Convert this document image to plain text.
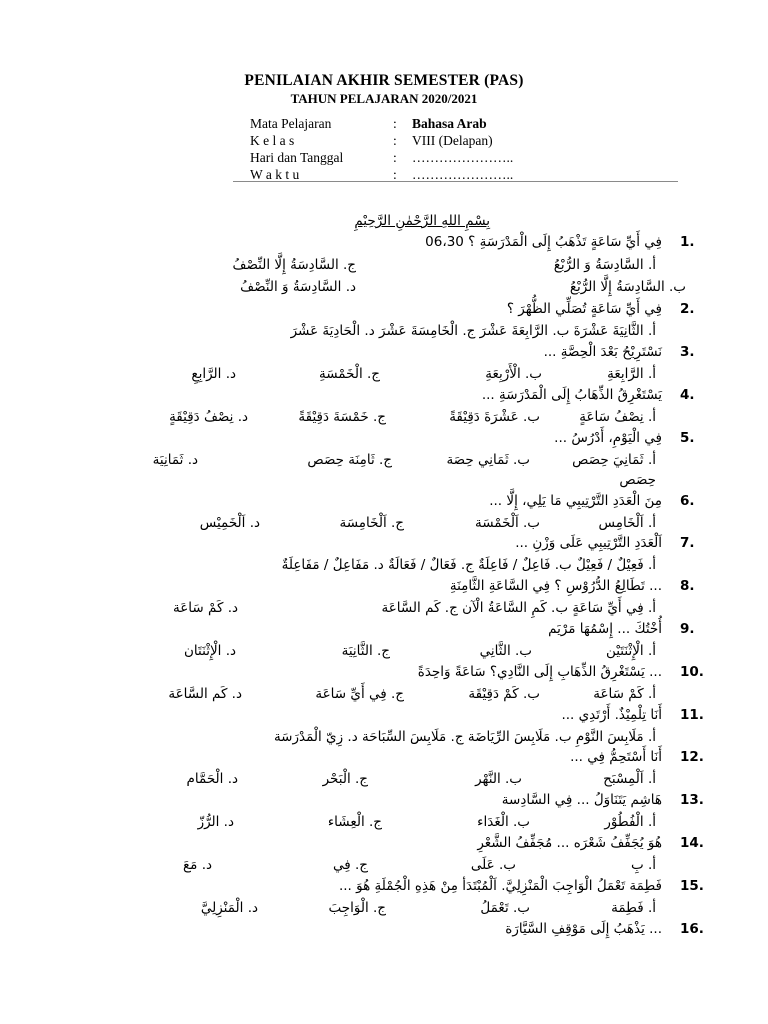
PENILAIAN AKHIR SEMESTER (PAS)
TAHUN PELAJARAN 2020/2021
Mata Pelajaran	: Bahasa Arab
K e l a s	: VIII (Delapan)
Hari dan Tanggal	: …………………..
W a k t u	: …………………..
بِسْمِ اللهِ الرَّحْمٰنِ الرَّحِيْمِ
1.
فِي أَيِّ سَاعَةٍ تَذْهَبُ إِلَى الْمَدْرَسَةِ ؟ 06،30
أ. السَّادِسَةُ وَ الرُّبْعُ
ج. السَّادِسَةُ إِلَّا النِّصْفُ
ب. السَّادِسَةُ إِلَّا الرُّبْعُ
د. السَّادِسَةُ وَ النِّصْفُ
2.
فِي أَيِّ سَاعَةٍ تُصَلِّي الظُّهْرَ ؟
أ. الثَّانِيَةَ عَشْرَةَ ب. الرَّابِعَةَ عَشْرَ ج. الْخَامِسَةَ عَشْرَ د. الْحَادِيَةَ عَشْرَ
3.
نَسْتَرِيْحُ بَعْدَ الْحِصَّةِ ...
أ. الرَّابِعَةِ
ب. الْأَرْبِعَةِ
ج. الْخَمْسَةِ
د. الرَّابِعِ
4.
يَسْتَغْرِقُ الذِّهَابُ إِلَى الْمَدْرَسَةِ ...
أ. نِصْفُ سَاعَةٍ
ب. عَشْرَةَ دَقِيْقَةً
ج. خَمْسَةَ دَقِيْقَةً
د. نِصْفُ دَقِيْقَةٍ
5.
فِي الْيَوْمِ، أَدْرُسُ ...
أ. ثَمَانِيَ حِصَص
ب. ثَمَانِي حِصَة
ج. ثَامِنَة حِصَص
د. ثَمَانِيَة
حِصَص
6.
مِنَ الْعَدَدِ التَّرْتِيبِي مَا يَلِي، إِلَّا ...
أ. اَلْخَامِس
ب. اَلْخَمْسَة
ج. اَلْخَامِسَة
د. اَلْخَمِيْس
7.
اَلْعَدَدِ التَّرْتِيبِي عَلَى وَزْنِ ...
أ. فَعِيْلٌ / فَعِيْلٌ ب. فَاعِلٌ / فَاعِلَةٌ ج. فَعَالٌ / فَعَالَةٌ د. مَفَاعِلٌ / مَفَاعِلَةٌ
8.
... تَطَالِعُ الدُّرُوْسِ ؟ فِي السَّاعَةِ الثَّامِنَةِ
أ. فِي أَيِّ سَاعَةٍ ب. كَمِ السَّاعَةُ الْآن ج. كَم السَّاعَة
د. كَمْ سَاعَة
9.
أُخْتُكَ ... إِسْمُهَا مَرْيَم
أ. الْإِثْنَتَيْن
ب. الثَّانِي
ج. الثَّانِيَة
د. الْإِثْنَتَان
10.
... يَسْتَغْرِقُ الذِّهَابِ إِلَى النَّادِي؟ سَاعَةً وَاحِدَةً
أ. كَمْ سَاعَة
ب. كَمْ دَقِيْقَة
ج. فِي أَيِّ سَاعَة
د. كَم السَّاعَة
11.
أَنَا تِلْمِيْذٌ. أَرْتَدِي ...
أ. مَلَابِسَ النَّوْمِ ب. مَلَابِسَ الرِّيَاضَة ج. مَلَابِسَ السِّبَاحَة د. زِيّ الْمَدْرَسَة
12.
أَنَا أَسْتَحِمُّ فِي ...
أ. اَلْمِسْبَح
ب. النَّهْر
ج. الْبَحْر
د. الْحَمَّام
13.
هَاشِم يَتَنَاوَلُ ... فِي السَّادِسة
أ. الْفُطُوْر
ب. الْغَدَاء
ج. الْعِشَاء
د. الرُّزّ
14.
هُوَ يُجَفِّفُ شَعْرَه ... مُجَفِّفُ الشَّعْرِ
أ. بِ
ب. عَلَى
ج. فِي
د. مَعَ
15.
فَطِمَة تَعْمَلُ الْوَاجِبَ الْمَنْزِلِيَّ. اَلْمُبْتَدَأ مِنْ هَذِهِ الْجُمْلَةِ هُوَ ...
أ. فَطِمَة
ب. تَعْمَلُ
ج. الْوَاجِبَ
د. الْمَنْزِلِيَّ
16.
... يَذْهَبُ إِلَى مَوْقِفِ السَّيَّارَة
